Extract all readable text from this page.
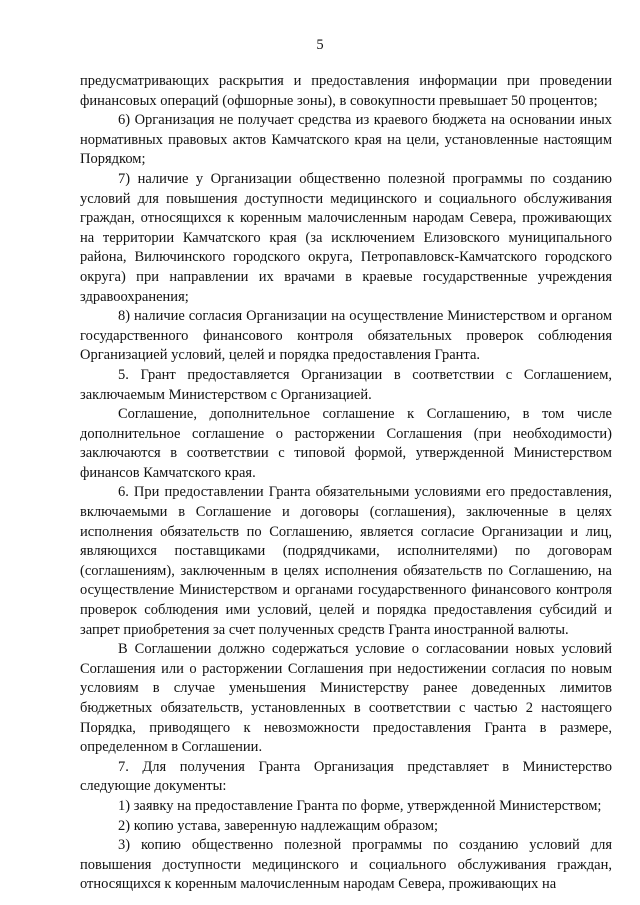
5

предусматривающих раскрытия и предоставления информации при проведении финансовых операций (офшорные зоны), в совокупности превышает 50 процентов;

6) Организация не получает средства из краевого бюджета на основании иных нормативных правовых актов Камчатского края на цели, установленные настоящим Порядком;

7) наличие у Организации общественно полезной программы по созданию условий для повышения доступности медицинского и социального обслуживания граждан, относящихся к коренным малочисленным народам Севера, проживающих на территории Камчатского края (за исключением Елизовского муниципального района, Вилючинского городского округа, Петропавловск-Камчатского городского округа) при направлении их врачами в краевые государственные учреждения здравоохранения;

8) наличие согласия Организации на осуществление Министерством и органом государственного финансового контроля обязательных проверок соблюдения Организацией условий, целей и порядка предоставления Гранта.

5. Грант предоставляется Организации в соответствии с Соглашением, заключаемым Министерством с Организацией.

Соглашение, дополнительное соглашение к Соглашению, в том числе дополнительное соглашение о расторжении Соглашения (при необходимости) заключаются в соответствии с типовой формой, утвержденной Министерством финансов Камчатского края.

6. При предоставлении Гранта обязательными условиями его предоставления, включаемыми в Соглашение и договоры (соглашения), заключенные в целях исполнения обязательств по Соглашению, является согласие Организации и лиц, являющихся поставщиками (подрядчиками, исполнителями) по договорам (соглашениям), заключенным в целях исполнения обязательств по Соглашению, на осуществление Министерством и органами государственного финансового контроля проверок соблюдения ими условий, целей и порядка предоставления субсидий и запрет приобретения за счет полученных средств Гранта иностранной валюты.

В Соглашении должно содержаться условие о согласовании новых условий Соглашения или о расторжении Соглашения при недостижении согласия по новым условиям в случае уменьшения Министерству ранее доведенных лимитов бюджетных обязательств, установленных в соответствии с частью 2 настоящего Порядка, приводящего к невозможности предоставления Гранта в размере, определенном в Соглашении.

7. Для получения Гранта Организация представляет в Министерство следующие документы:

1) заявку на предоставление Гранта по форме, утвержденной Министерством;

2) копию устава, заверенную надлежащим образом;

3) копию общественно полезной программы по созданию условий для повышения доступности медицинского и социального обслуживания граждан, относящихся к коренным малочисленным народам Севера, проживающих на
